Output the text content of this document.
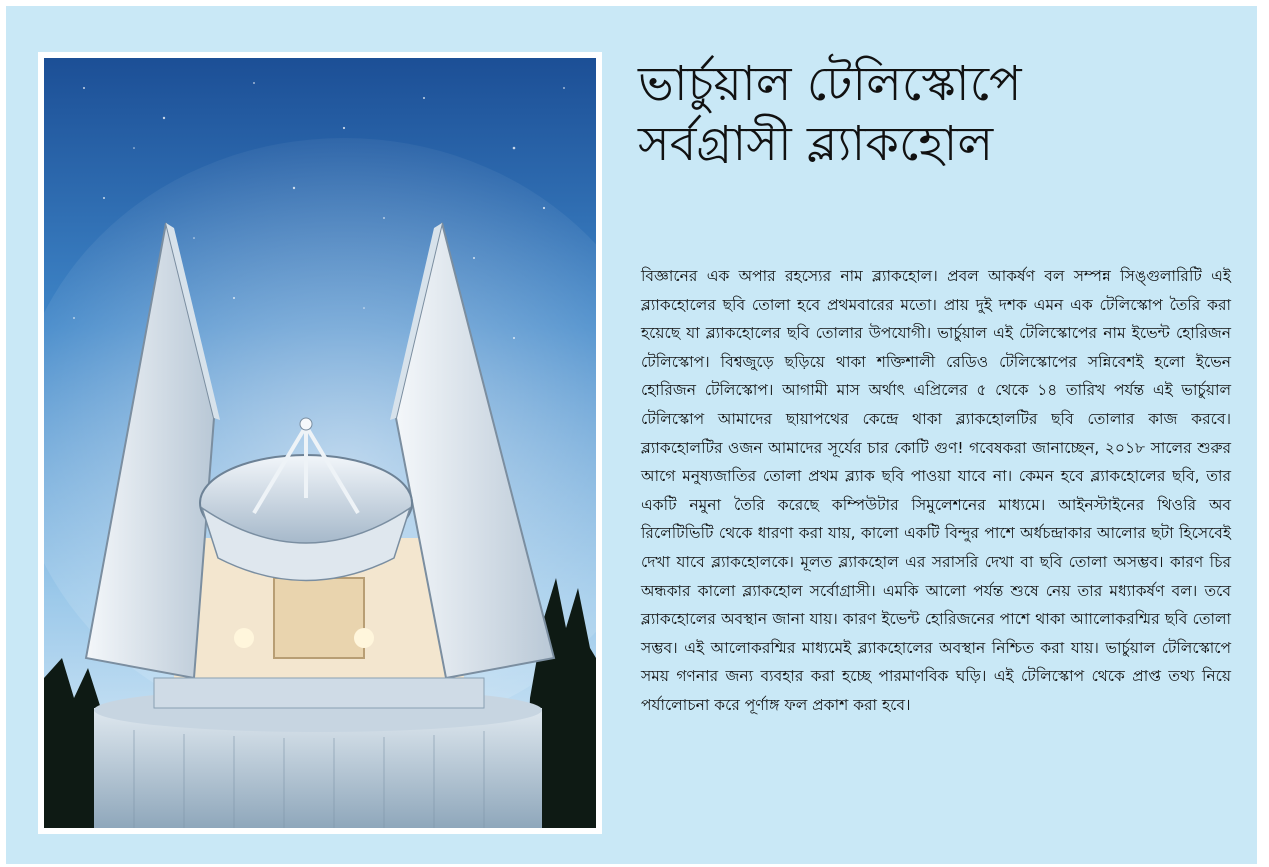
ভার্চুয়াল টেলিস্কোপে
সর্বগ্রাসী ব্ল্যাকহোল

বিজ্ঞানের এক অপার রহস্যের নাম ব্ল্যাকহোল। প্রবল আকর্ষণ বল সম্পন্ন সিঙ্গুলারিটি এই ব্ল্যাকহোলের ছবি তোলা হবে প্রথমবারের মতো। প্রায় দুই দশক এমন এক টেলিস্কোপ তৈরি করা হয়েছে যা ব্ল্যাকহোলের ছবি তোলার উপযোগী। ভার্চুয়াল এই টেলিস্কোপের নাম ইভেন্ট হোরিজন টেলিস্কোপ। বিশ্বজুড়ে ছড়িয়ে থাকা শক্তিশালী রেডিও টেলিস্কোপের সন্নিবেশই হলো ইভেন হোরিজন টেলিস্কোপ। আগামী মাস অর্থাৎ এপ্রিলের ৫ থেকে ১৪ তারিখ পর্যন্ত এই ভার্চুয়াল টেলিস্কোপ আমাদের ছায়াপথের কেন্দ্রে থাকা ব্ল্যাকহোলটির ছবি তোলার কাজ করবে। ব্ল্যাকহোলটির ওজন আমাদের সূর্যের চার কোটি গুণ! গবেষকরা জানাচ্ছেন, ২০১৮ সালের শুরুর আগে মনুষ্যজাতির তোলা প্রথম ব্ল্যাক ছবি পাওয়া যাবে না। কেমন হবে ব্ল্যাকহোলের ছবি, তার একটি নমুনা তৈরি করেছে কম্পিউটার সিমুলেশনের মাধ্যমে। আইনস্টাইনের থিওরি অব রিলেটিভিটি থেকে ধারণা করা যায়, কালো একটি বিন্দুর পাশে অর্ধচন্দ্রাকার আলোর ছটা হিসেবেই দেখা যাবে ব্ল্যাকহোলকে। মূলত ব্ল্যাকহোল এর সরাসরি দেখা বা ছবি তোলা অসম্ভব। কারণ চির অন্ধকার কালো ব্ল্যাকহোল সর্বোগ্রাসী। এমকি আলো পর্যন্ত শুষে নেয় তার মধ্যাকর্ষণ বল। তবে ব্ল্যাকহোলের অবস্থান জানা যায়। কারণ ইভেন্ট হোরিজনের পাশে থাকা আালোকরশ্মির ছবি তোলা সম্ভব। এই আলোকরশ্মির মাধ্যমেই ব্ল্যাকহোলের অবস্থান নিশ্চিত করা যায়। ভার্চুয়াল টেলিস্কোপে সময় গণনার জন্য ব্যবহার করা হচ্ছে পারমাণবিক ঘড়ি। এই টেলিস্কোপ থেকে প্রাপ্ত তথ্য নিয়ে পর্যালোচনা করে পূর্ণাঙ্গ ফল প্রকাশ করা হবে।
